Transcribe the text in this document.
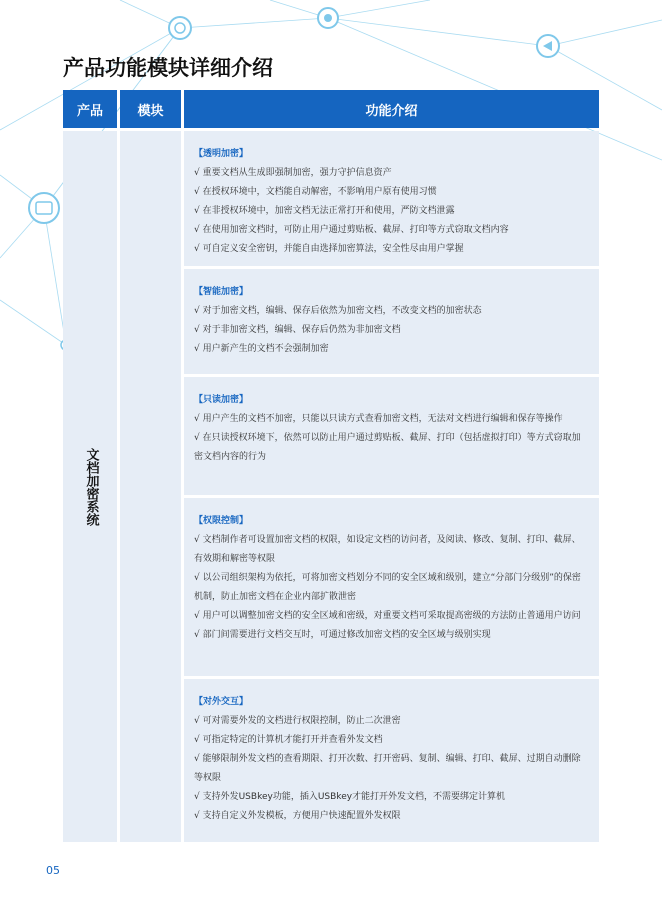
产品功能模块详细介绍
产品	模块	功能介绍
文档加密系统
【透明加密】
√ 重要文档从生成即强制加密，强力守护信息资产
√ 在授权环境中，文档能自动解密，不影响用户原有使用习惯
√ 在非授权环境中，加密文档无法正常打开和使用，严防文档泄露
√ 在使用加密文档时，可防止用户通过剪贴板、截屏、打印等方式窃取文档内容
√ 可自定义安全密钥，并能自由选择加密算法，安全性尽由用户掌握
【智能加密】
√ 对于加密文档，编辑、保存后依然为加密文档，不改变文档的加密状态
√ 对于非加密文档，编辑、保存后仍然为非加密文档
√ 用户新产生的文档不会强制加密
【只读加密】
√ 用户产生的文档不加密，只能以只读方式查看加密文档，无法对文档进行编辑和保存等操作
√ 在只读授权环境下，依然可以防止用户通过剪贴板、截屏、打印（包括虚拟打印）等方式窃取加密文档内容的行为
【权限控制】
√ 文档制作者可设置加密文档的权限，如设定文档的访问者，及阅读、修改、复制、打印、截屏、有效期和解密等权限
√ 以公司组织架构为依托，可将加密文档划分不同的安全区域和级别，建立“分部门分级别”的保密机制，防止加密文档在企业内部扩散泄密
√ 用户可以调整加密文档的安全区域和密级，对重要文档可采取提高密级的方法防止普通用户访问
√ 部门间需要进行文档交互时，可通过修改加密文档的安全区域与级别实现
【对外交互】
√ 可对需要外发的文档进行权限控制，防止二次泄密
√ 可指定特定的计算机才能打开并查看外发文档
√ 能够限制外发文档的查看期限、打开次数、打开密码、复制、编辑、打印、截屏、过期自动删除等权限
√ 支持外发USBkey功能，插入USBkey才能打开外发文档，不需要绑定计算机
√ 支持自定义外发模板，方便用户快速配置外发权限
05
